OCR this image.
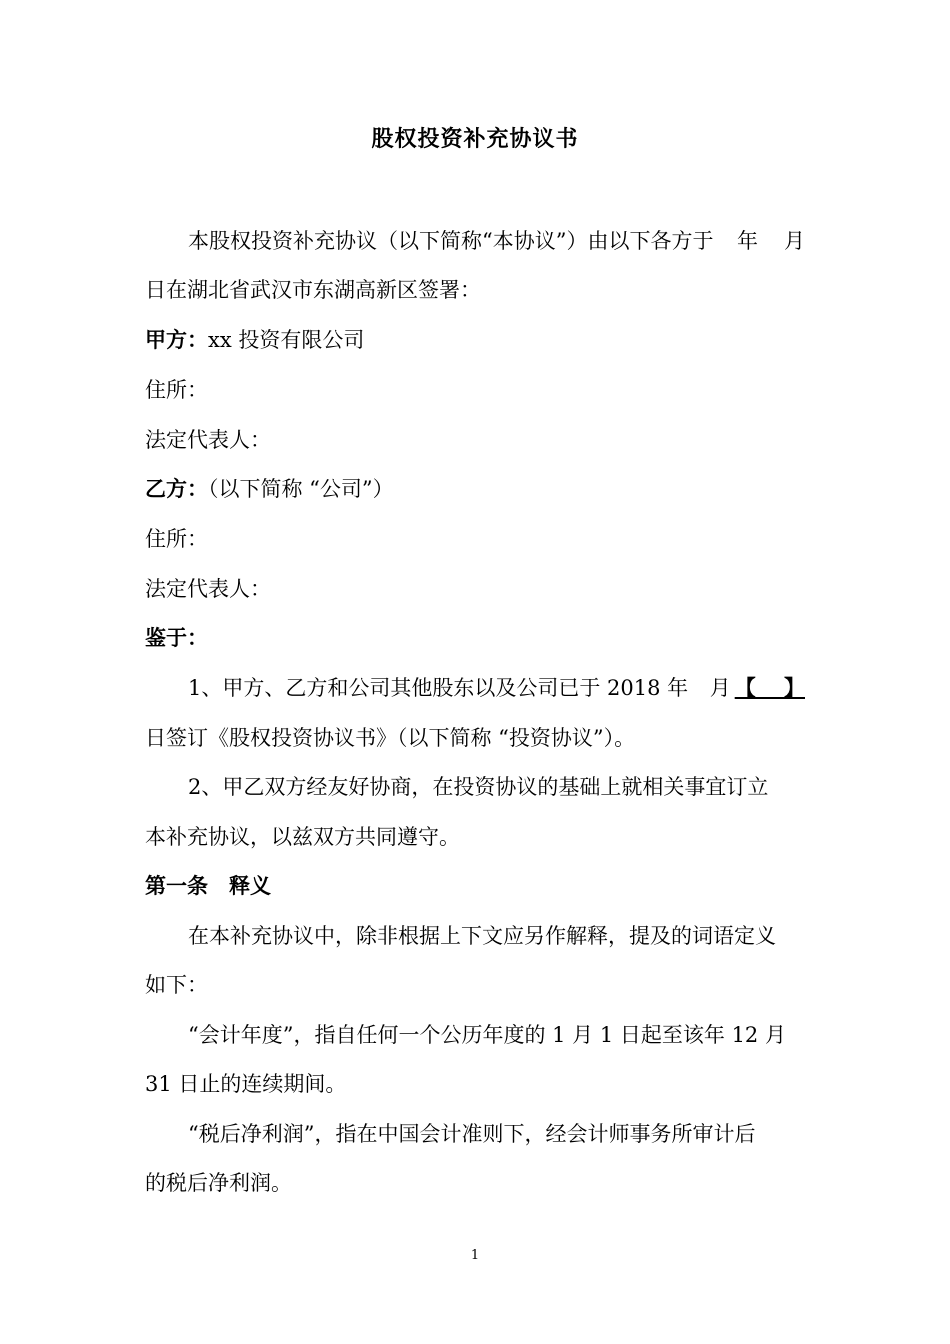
股权投资补充协议书
本股权投资补充协议（以下简称“本协议”）由以下各方于 年 月
日在湖北省武汉市东湖高新区签署：
甲方：xx 投资有限公司
住所：
法定代表人：
乙方：（以下简称 “公司”）
住所：
法定代表人：
鉴于：
1、甲方、乙方和公司其他股东以及公司已于 2018 年 月 【　 】
日签订《股权投资协议书》（以下简称 “投资协议”）。
2、甲乙双方经友好协商，在投资协议的基础上就相关事宜订立
本补充协议，以兹双方共同遵守。
第一条　释义
在本补充协议中，除非根据上下文应另作解释，提及的词语定义
如下：
“会计年度”，指自任何一个公历年度的 1 月 1 日起至该年 12 月
31 日止的连续期间。
“税后净利润”，指在中国会计准则下，经会计师事务所审计后
的税后净利润。
1
